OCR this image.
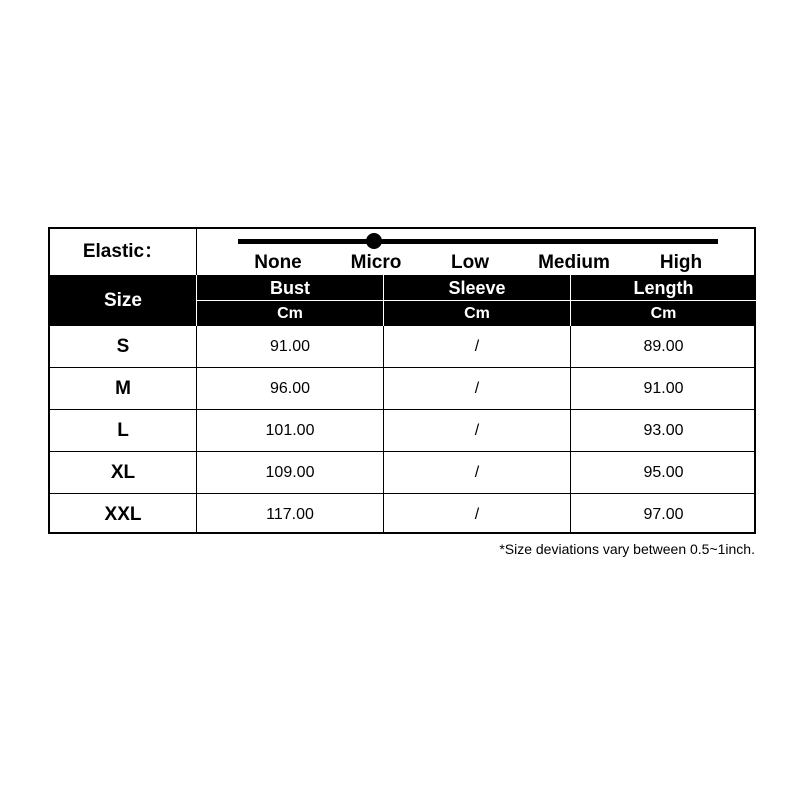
Elastic：
None	Micro	Low	Medium	High
Size
Bust	Sleeve	Length
Cm	Cm	Cm
S	91.00	/	89.00
M	96.00	/	91.00
L	101.00	/	93.00
XL	109.00	/	95.00
XXL	117.00	/	97.00
*Size deviations vary between 0.5~1inch.
